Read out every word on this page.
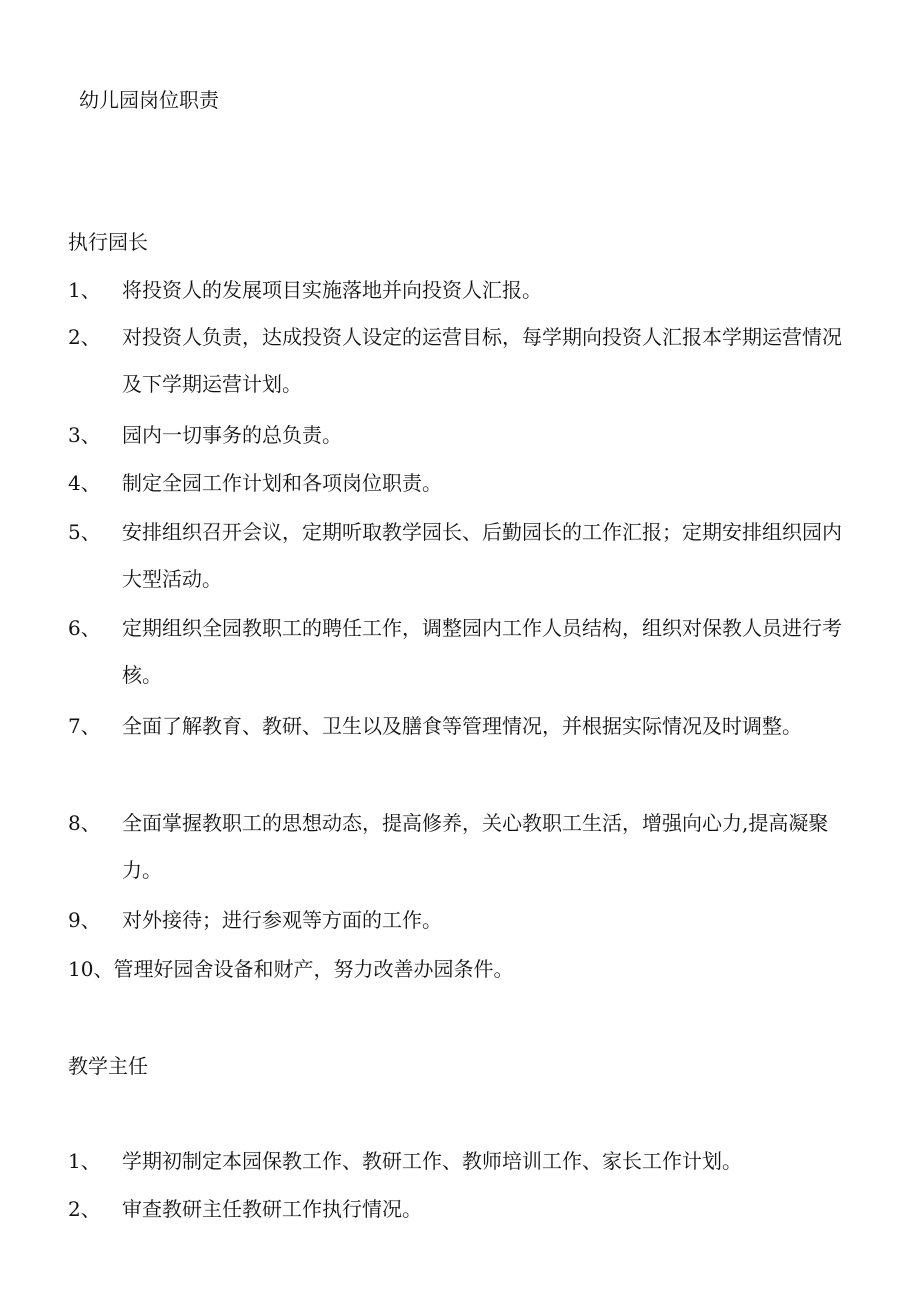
幼儿园岗位职责
执行园长
1、 将投资人的发展项目实施落地并向投资人汇报。
2、 对投资人负责，达成投资人设定的运营目标，每学期向投资人汇报本学期运营情况及下学期运营计划。
3、 园内一切事务的总负责。
4、 制定全园工作计划和各项岗位职责。
5、 安排组织召开会议，定期听取教学园长、后勤园长的工作汇报；定期安排组织园内大型活动。
6、 定期组织全园教职工的聘任工作，调整园内工作人员结构，组织对保教人员进行考核。
7、 全面了解教育、教研、卫生以及膳食等管理情况，并根据实际情况及时调整。
8、 全面掌握教职工的思想动态，提高修养，关心教职工生活，增强向心力,提高凝聚力。
9、 对外接待；进行参观等方面的工作。
10、管理好园舍设备和财产，努力改善办园条件。
教学主任
1、 学期初制定本园保教工作、教研工作、教师培训工作、家长工作计划。
2、 审查教研主任教研工作执行情况。
